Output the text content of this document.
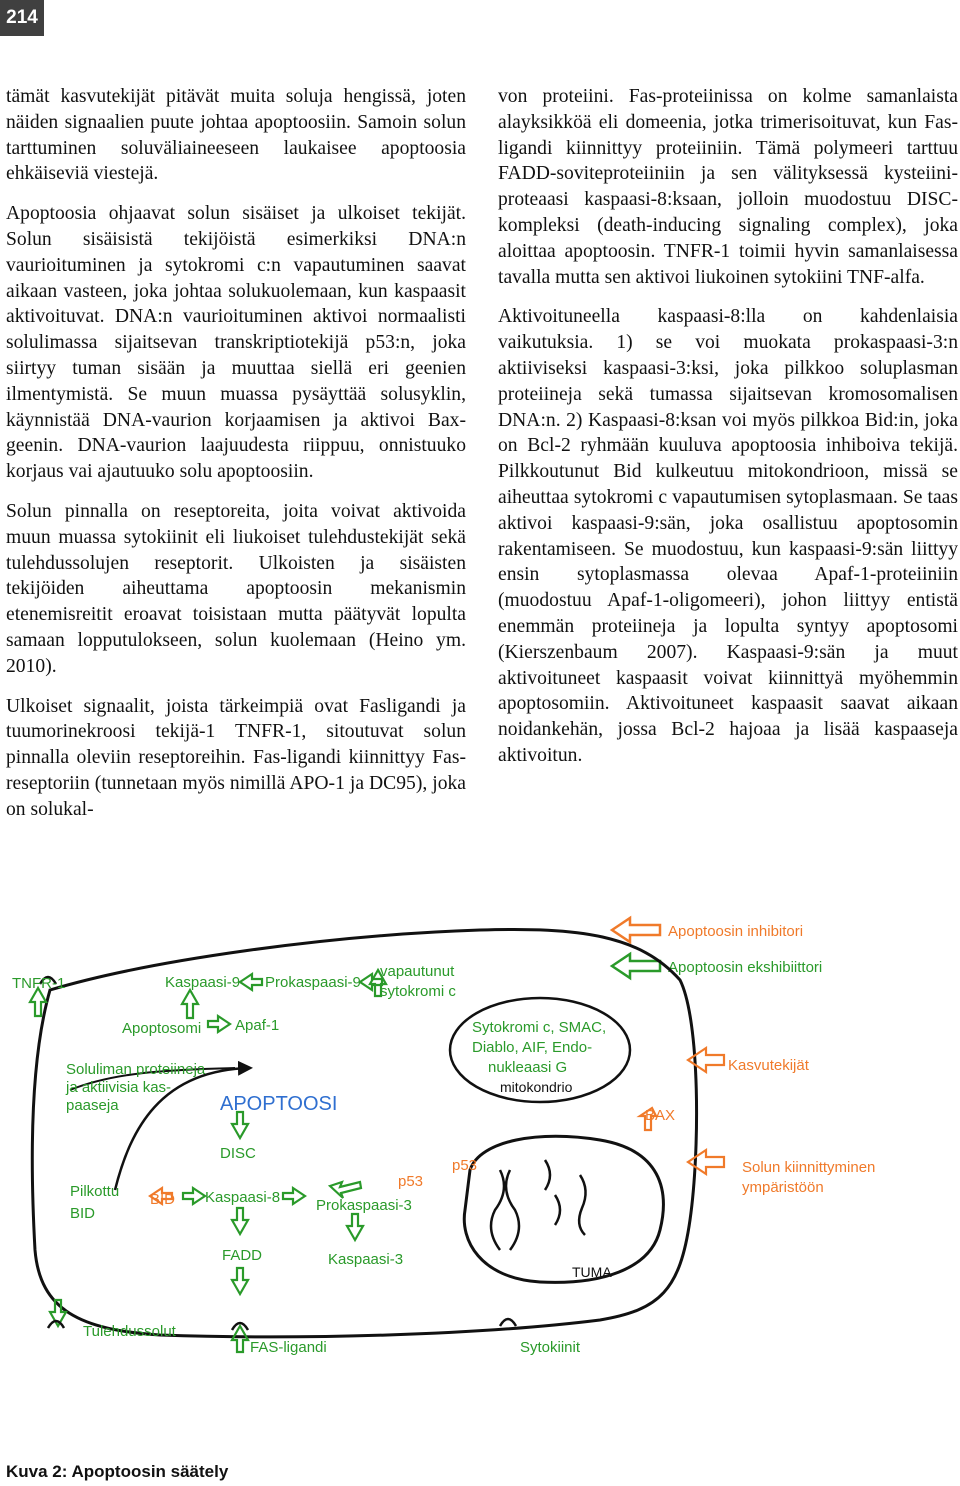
214

tämät kasvutekijät pitävät muita soluja hengissä, joten näiden signaalien puute johtaa apoptoosiin. Samoin solun tarttuminen soluväliaineeseen laukaisee apoptoosia ehkäiseviä viestejä.

Apoptoosia ohjaavat solun sisäiset ja ulkoiset tekijät. Solun sisäisistä tekijöistä esimerkiksi DNA:n vaurioituminen ja sytokromi c:n vapautuminen saavat aikaan vasteen, joka johtaa solukuolemaan, kun kaspaasit aktivoituvat. DNA:n vaurioituminen aktivoi normaalisti solulimassa sijaitsevan transkriptiotekijä p53:n, joka siirtyy tuman sisään ja muuttaa siellä eri geenien ilmentymistä. Se muun muassa pysäyttää solusyklin, käynnistää DNA-vaurion korjaamisen ja aktivoi Bax-geenin. DNA-vaurion laajuudesta riippuu, onnistuuko korjaus vai ajautuuko solu apoptoosiin.

Solun pinnalla on reseptoreita, joita voivat aktivoida muun muassa sytokiinit eli liukoiset tulehdustekijät sekä tulehdussolujen reseptorit. Ulkoisten ja sisäisten tekijöiden aiheuttama apoptoosin mekanismin etenemisreitit eroavat toisistaan mutta päätyvät lopulta samaan lopputulokseen, solun kuolemaan (Heino ym. 2010).

Ulkoiset signaalit, joista tärkeimpiä ovat Fasligandi ja tuumorinekroosi tekijä-1 TNFR-1, sitoutuvat solun pinnalla oleviin reseptoreihin. Fas-ligandi kiinnittyy Fas-reseptoriin (tunnetaan myös nimillä APO-1 ja DC95), joka on solukal-

von proteiini. Fas-proteiinissa on kolme samanlaista alayksikköä eli domeenia, jotka trimerisoituvat, kun Fas-ligandi kiinnittyy proteiiniin. Tämä polymeeri tarttuu FADD-soviteproteiiniin ja sen välityksessä kysteiini-proteaasi kaspaasi-8:ksaan, jolloin muodostuu DISC-kompleksi (death-inducing signaling complex), joka aloittaa apoptoosin. TNFR-1 toimii hyvin samanlaisessa tavalla mutta sen aktivoi liukoinen sytokiini TNF-alfa.

Aktivoituneella kaspaasi-8:lla on kahdenlaisia vaikutuksia. 1) se voi muokata prokaspaasi-3:n aktiiviseksi kaspaasi-3:ksi, joka pilkkoo soluplasman proteiineja sekä tumassa sijaitsevan kromosomalisen DNA:n. 2) Kaspaasi-8:ksan voi myös pilkkoa Bid:in, joka on Bcl-2 ryhmään kuuluva apoptoosia inhiboiva tekijä. Pilkkoutunut Bid kulkeutuu mitokondrioon, missä se aiheuttaa sytokromi c vapautumisen sytoplasmaan. Se taas aktivoi kaspaasi-9:sän, joka osallistuu apoptosomin rakentamiseen. Se muodostuu, kun kaspaasi-9:sän liittyy ensin sytoplasmassa olevaa Apaf-1-proteiiniin (muodostuu Apaf-1-oligomeeri), johon liittyy entistä enemmän proteiineja ja lopulta syntyy apoptosomi (Kierszenbaum 2007). Kaspaasi-9:sän ja muut aktivoituneet kaspaasit voivat kiinnittyä myöhemmin apoptosomiin. Aktivoituneet kaspaasit saavat aikaan noidankehän, jossa Bcl-2 hajoaa ja lisää kaspaaseja aktivoitun.

Apoptoosin inhibitori
Apoptoosin ekshibiittori
TNFR-1	Kaspaasi-9 Prokaspaasi-9
vapautunut
sytokromi c
Apoptosomi Apaf-1
Soluliman proteiineja
ja aktiivisia kas-
paaseja	APOPTOOSI
Sytokromi c, SMAC,
Diablo, AIF, Endo-
nukleaasi G
mitokondrio
Kasvutekijät
BAX
DISC
p53
p53	Solun kiinnittyminen
ympäristöön
Pilkottu
BID
BID Kaspaasi-8 Prokaspaasi-3
FADD	Kaspaasi-3
TUMA
Tulehdussolut
FAS-ligandi	Sytokiinit
Kuva 2: Apoptoosin säätely
